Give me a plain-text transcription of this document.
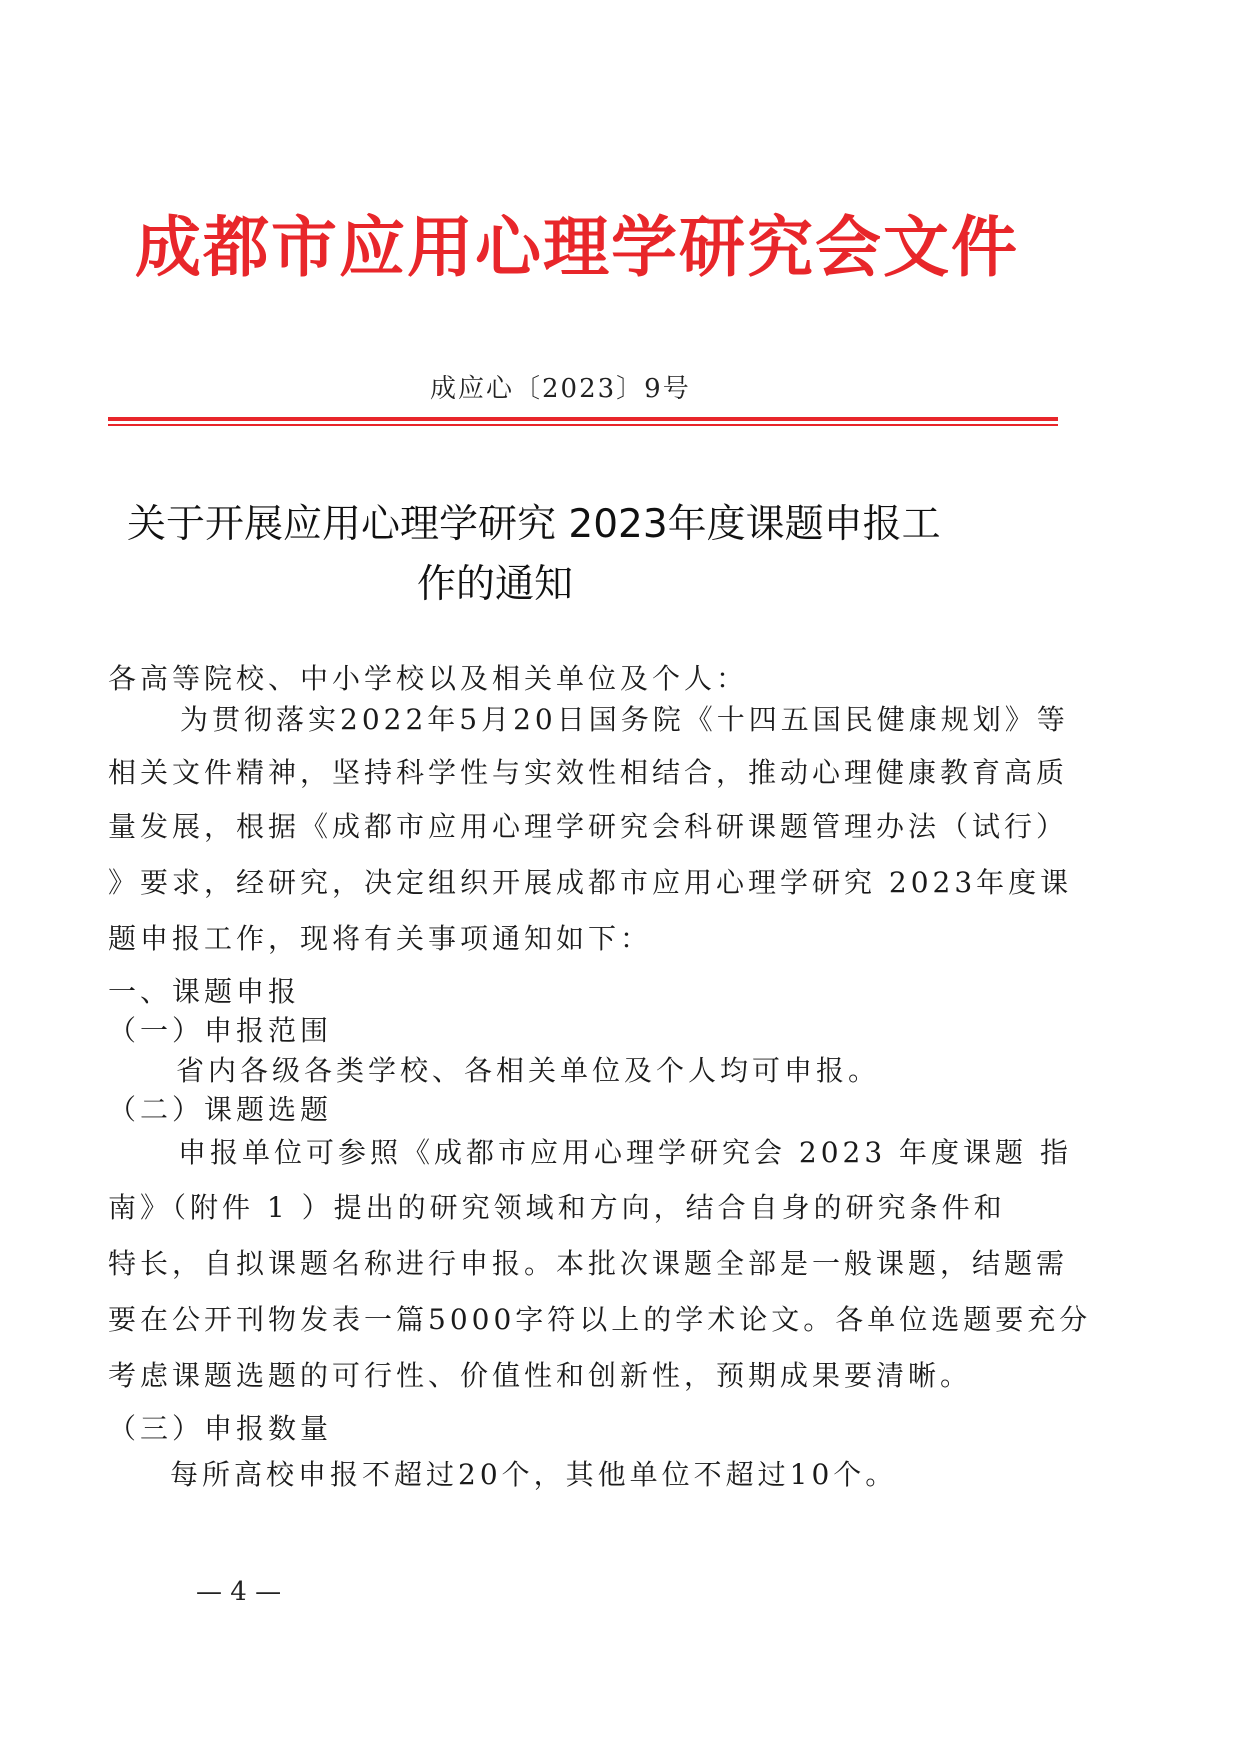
成都市应用心理学研究会文件
成应心〔2023〕9号
关于开展应用心理学研究 2023年度课题申报工
作的通知
各高等院校、中小学校以及相关单位及个人：
为贯彻落实2022年5月20日国务院《十四五国民健康规划》等
相关文件精神，坚持科学性与实效性相结合，推动心理健康教育高质
量发展，根据《成都市应用心理学研究会科研课题管理办法（试行）
》要求，经研究，决定组织开展成都市应用心理学研究 2023年度课
题申报工作，现将有关事项通知如下：
一、课题申报
（一）申报范围
省内各级各类学校、各相关单位及个人均可申报。
（二）课题选题
申报单位可参照《成都市应用心理学研究会 2023 年度课题 指
南》（附件 1 ）提出的研究领域和方向，结合自身的研究条件和
特长，自拟课题名称进行申报。本批次课题全部是一般课题，结题需
要在公开刊物发表一篇5000字符以上的学术论文。各单位选题要充分
考虑课题选题的可行性、价值性和创新性，预期成果要清晰。
（三）申报数量
每所高校申报不超过20个，其他单位不超过10个。
— 4 —
